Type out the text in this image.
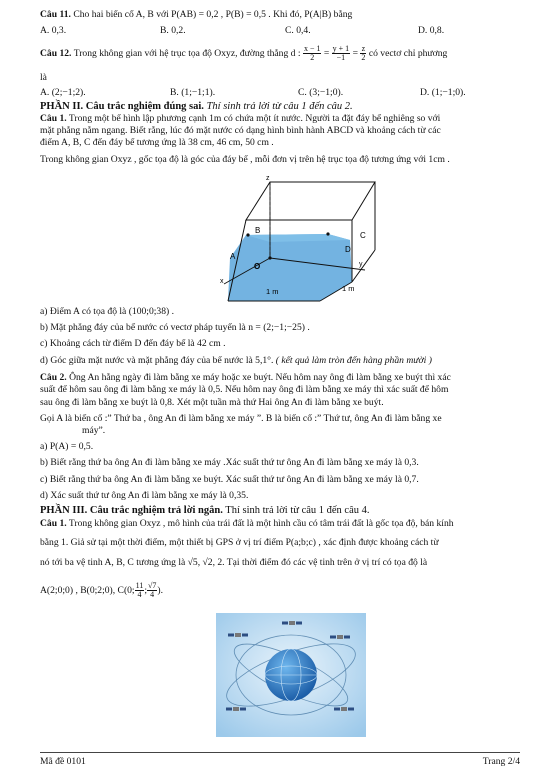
Câu 11. Cho hai biến cố A, B với P(AB) = 0,2 , P(B) = 0,5 . Khi đó, P(A|B) bằng
A. 0,3.	B. 0,2.	C. 0,4.	D. 0,8.
Câu 12. Trong không gian với hệ trục tọa độ Oxyz, đường thẳng d : $\frac{x - 1}{2} = \frac{y + 1}{-1} = \frac{z}{2}$ có vectơ chỉ phương
là
A. (2;−1;2).	B. (1;−1;1).	C. (3;−1;0).	D. (1;−1;0).
PHẦN II. Câu trắc nghiệm đúng sai. Thí sinh trả lời từ câu 1 đến câu 2.
Câu 1. Trong một bể hình lập phương cạnh 1m có chứa một ít nước. Người ta đặt đáy bể nghiêng so với
mặt phẳng nằm ngang. Biết rằng, lúc đó mặt nước có dạng hình bình hành ABCD và khoảng cách từ các
điểm A, B, C đến đáy bể tương ứng là 38 cm, 46 cm, 50 cm .
Trong không gian Oxyz , gốc tọa độ là góc của đáy bể , mỗi đơn vị trên hệ trục tọa độ tương ứng với 1cm .
z
y
x
B
C
D
A
O
1 m	1 m
a) Điểm A có tọa độ là (100;0;38) .
b) Mặt phẳng đáy của bể nước có vectơ pháp tuyến là n = (2;−1;−25) .
c) Khoảng cách từ điểm D đến đáy bể là 42 cm .
d) Góc giữa mặt nước và mặt phẳng đáy của bể nước là 5,1°. ( kết quả làm tròn đến hàng phần mười )
Câu 2. Ông An hằng ngày đi làm bằng xe máy hoặc xe buýt. Nếu hôm nay ông đi làm bằng xe buýt thì xác
suất để hôm sau ông đi làm bằng xe máy là 0,5. Nếu hôm nay ông đi làm bằng xe máy thì xác suất để hôm
sau ông đi làm bằng xe buýt là 0,8. Xét một tuần mà thứ Hai ông An đi làm bằng xe buýt.
Gọi A là biến cố :” Thứ ba , ông An đi làm bằng xe máy ”. B là biến cố :” Thứ tư, ông An đi làm bằng xe
máy”.
a) P(A) = 0,5.
b) Biết rằng thứ ba ông An đi làm bằng xe máy .Xác suất thứ tư ông An đi làm bằng xe máy là 0,3.
c) Biết rằng thứ ba ông An đi làm bằng xe buýt. Xác suất thứ tư ông An đi làm bằng xe máy là 0,7.
d) Xác suất thứ tư ông An đi làm bằng xe máy là 0,35.
PHẦN III. Câu trắc nghiệm trả lời ngắn. Thí sinh trả lời từ câu 1 đến câu 4.
Câu 1. Trong không gian Oxyz , mô hình của trái đất là một hình cầu có tâm trái đất là gốc tọa độ, bán kính
bằng 1. Giả sử tại một thời điểm, một thiết bị GPS ở vị trí điểm P(a;b;c) , xác định được khoảng cách từ
nó tới ba vệ tinh A, B, C tương ứng là √5, √2, 2. Tại thời điểm đó các vệ tinh trên ở vị trí có tọa độ là
A(2;0;0) , B(0;2;0), C(0; $\frac{11}{4}$ ; $\frac{√7}{4}$ ).
Mã đề 0101	Trang 2/4
